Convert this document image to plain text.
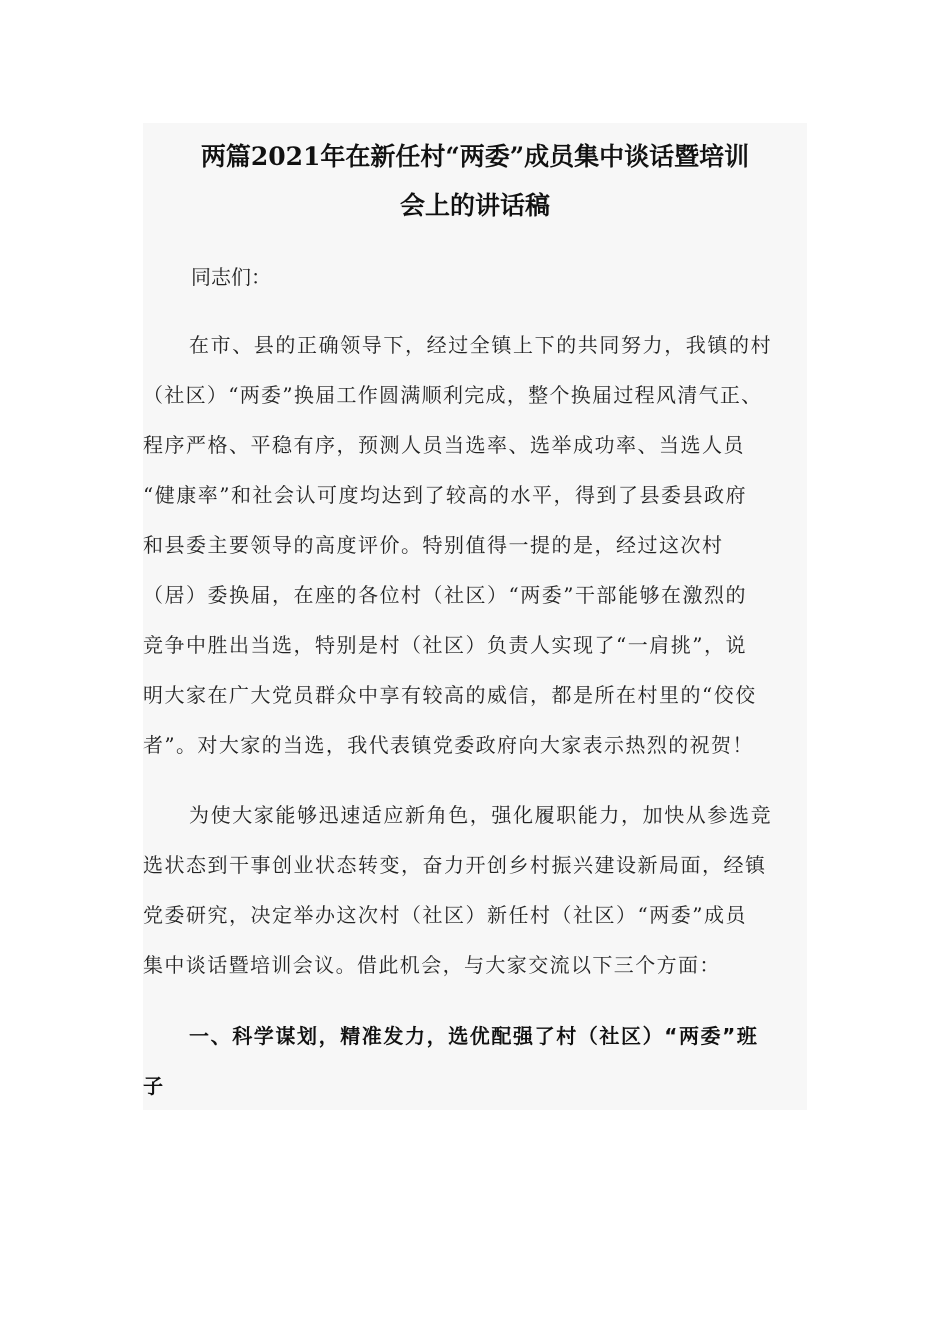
两篇2021年在新任村“两委”成员集中谈话暨培训
会上的讲话稿
同志们：
在市、县的正确领导下，经过全镇上下的共同努力，我镇的村
（社区）“两委”换届工作圆满顺利完成，整个换届过程风清气正、
程序严格、平稳有序，预测人员当选率、选举成功率、当选人员
“健康率”和社会认可度均达到了较高的水平，得到了县委县政府
和县委主要领导的高度评价。特别值得一提的是，经过这次村
（居）委换届，在座的各位村（社区）“两委”干部能够在激烈的
竞争中胜出当选，特别是村（社区）负责人实现了“一肩挑”，说
明大家在广大党员群众中享有较高的威信，都是所在村里的“佼佼
者”。对大家的当选，我代表镇党委政府向大家表示热烈的祝贺！
为使大家能够迅速适应新角色，强化履职能力，加快从参选竞
选状态到干事创业状态转变，奋力开创乡村振兴建设新局面，经镇
党委研究，决定举办这次村（社区）新任村（社区）“两委”成员
集中谈话暨培训会议。借此机会，与大家交流以下三个方面：
一、科学谋划，精准发力，选优配强了村（社区）“两委”班
子
